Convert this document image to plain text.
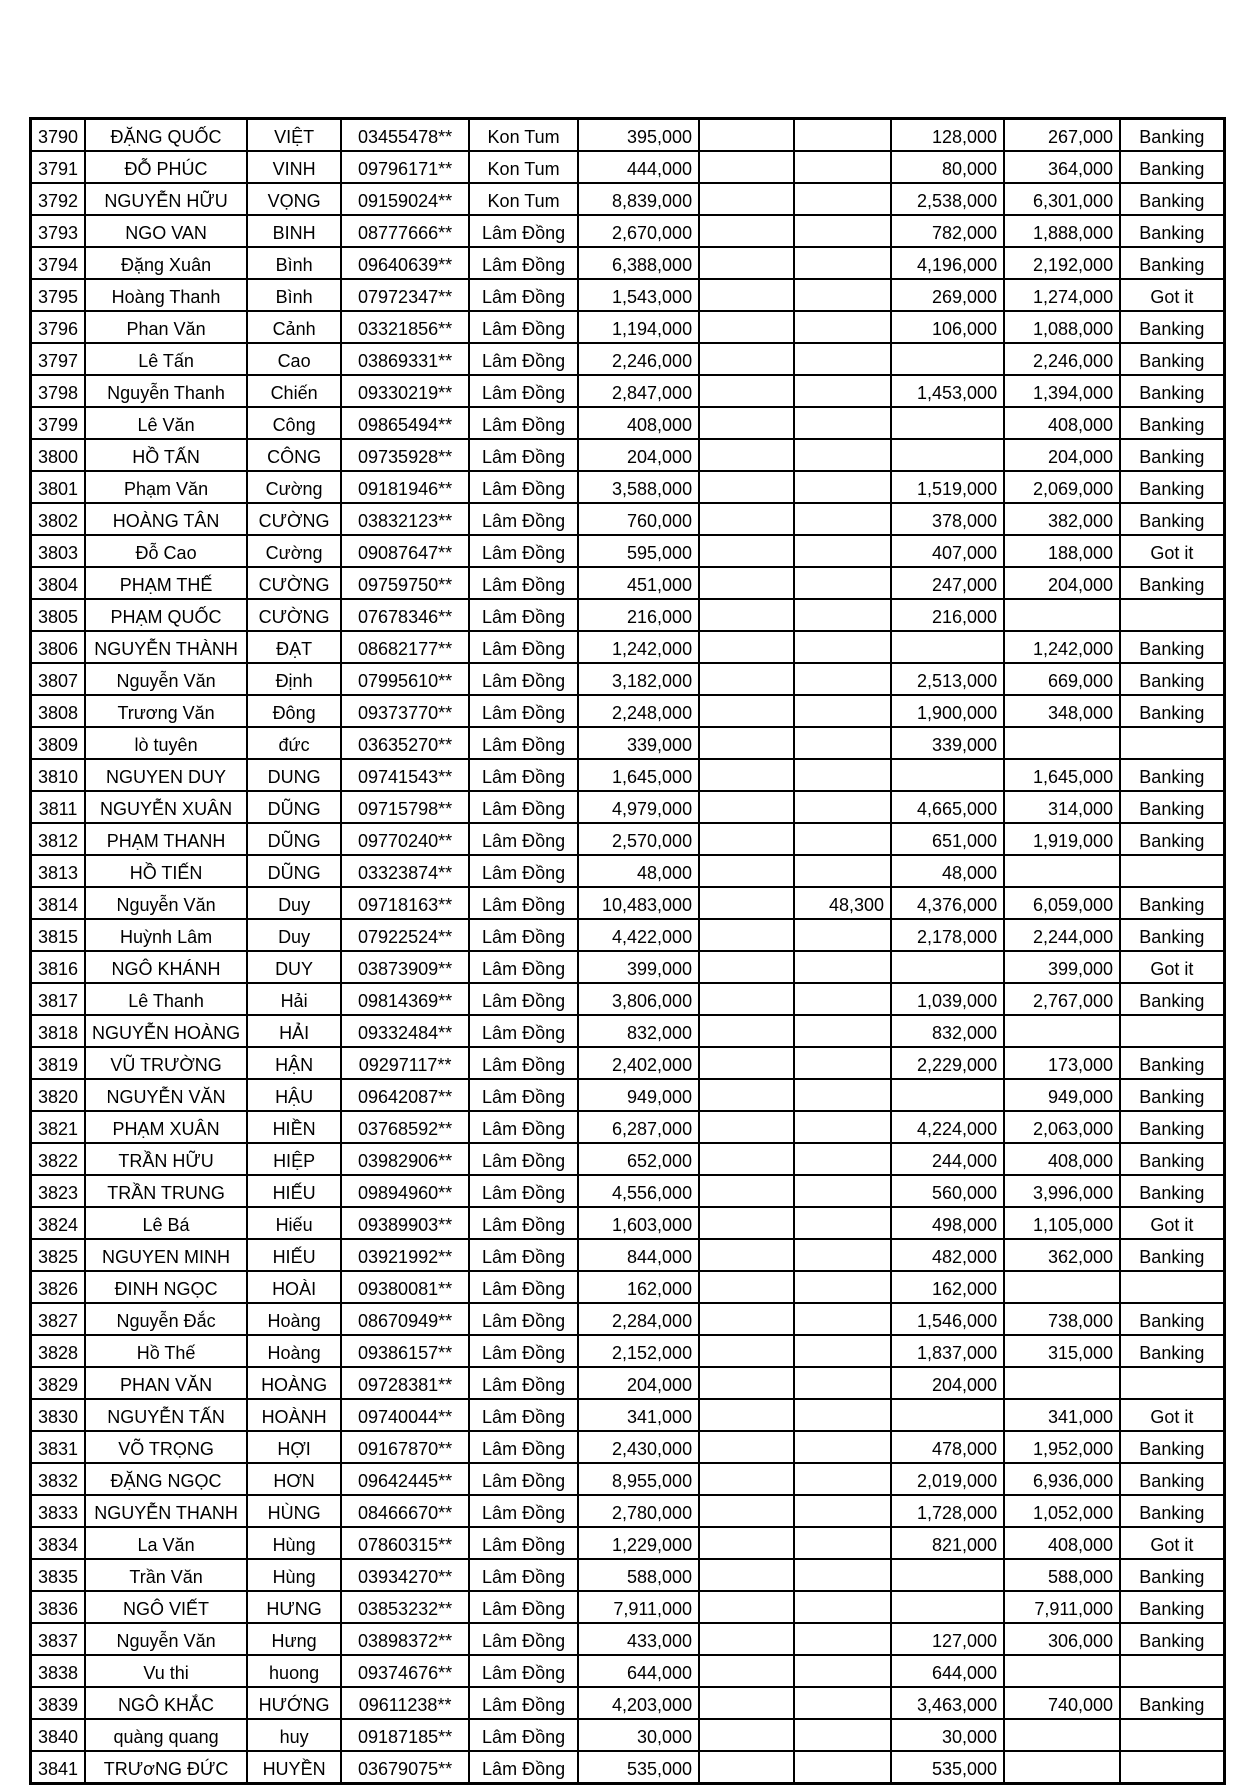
3790	ĐẶNG QUỐC	VIỆT	03455478**	Kon Tum	395,000			128,000	267,000	Banking
3791	ĐỖ PHÚC	VINH	09796171**	Kon Tum	444,000			80,000	364,000	Banking
3792	NGUYỄN HỮU	VỌNG	09159024**	Kon Tum	8,839,000			2,538,000	6,301,000	Banking
3793	NGO VAN	BINH	08777666**	Lâm Đồng	2,670,000			782,000	1,888,000	Banking
3794	Đặng Xuân	Bình	09640639**	Lâm Đồng	6,388,000			4,196,000	2,192,000	Banking
3795	Hoàng Thanh	Bình	07972347**	Lâm Đồng	1,543,000			269,000	1,274,000	Got it
3796	Phan Văn	Cảnh	03321856**	Lâm Đồng	1,194,000			106,000	1,088,000	Banking
3797	Lê Tấn	Cao	03869331**	Lâm Đồng	2,246,000				2,246,000	Banking
3798	Nguyễn Thanh	Chiến	09330219**	Lâm Đồng	2,847,000			1,453,000	1,394,000	Banking
3799	Lê Văn	Công	09865494**	Lâm Đồng	408,000				408,000	Banking
3800	HỒ TẤN	CÔNG	09735928**	Lâm Đồng	204,000				204,000	Banking
3801	Phạm Văn	Cường	09181946**	Lâm Đồng	3,588,000			1,519,000	2,069,000	Banking
3802	HOÀNG TÂN	CƯỜNG	03832123**	Lâm Đồng	760,000			378,000	382,000	Banking
3803	Đỗ Cao	Cường	09087647**	Lâm Đồng	595,000			407,000	188,000	Got it
3804	PHẠM THẾ	CƯỜNG	09759750**	Lâm Đồng	451,000			247,000	204,000	Banking
3805	PHẠM QUỐC	CƯỜNG	07678346**	Lâm Đồng	216,000			216,000		
3806	NGUYỄN THÀNH	ĐẠT	08682177**	Lâm Đồng	1,242,000				1,242,000	Banking
3807	Nguyễn Văn	Định	07995610**	Lâm Đồng	3,182,000			2,513,000	669,000	Banking
3808	Trương Văn	Đông	09373770**	Lâm Đồng	2,248,000			1,900,000	348,000	Banking
3809	lò tuyên	đức	03635270**	Lâm Đồng	339,000			339,000		
3810	NGUYEN DUY	DUNG	09741543**	Lâm Đồng	1,645,000				1,645,000	Banking
3811	NGUYỄN XUÂN	DŨNG	09715798**	Lâm Đồng	4,979,000			4,665,000	314,000	Banking
3812	PHẠM THANH	DŨNG	09770240**	Lâm Đồng	2,570,000			651,000	1,919,000	Banking
3813	HỒ TIẾN	DŨNG	03323874**	Lâm Đồng	48,000			48,000		
3814	Nguyễn Văn	Duy	09718163**	Lâm Đồng	10,483,000		48,300	4,376,000	6,059,000	Banking
3815	Huỳnh Lâm	Duy	07922524**	Lâm Đồng	4,422,000			2,178,000	2,244,000	Banking
3816	NGÔ KHÁNH	DUY	03873909**	Lâm Đồng	399,000				399,000	Got it
3817	Lê Thanh	Hải	09814369**	Lâm Đồng	3,806,000			1,039,000	2,767,000	Banking
3818	NGUYỄN HOÀNG	HẢI	09332484**	Lâm Đồng	832,000			832,000		
3819	VŨ TRƯỜNG	HẬN	09297117**	Lâm Đồng	2,402,000			2,229,000	173,000	Banking
3820	NGUYỄN VĂN	HẬU	09642087**	Lâm Đồng	949,000				949,000	Banking
3821	PHẠM XUÂN	HIỀN	03768592**	Lâm Đồng	6,287,000			4,224,000	2,063,000	Banking
3822	TRẦN HỮU	HIỆP	03982906**	Lâm Đồng	652,000			244,000	408,000	Banking
3823	TRẦN TRUNG	HIẾU	09894960**	Lâm Đồng	4,556,000			560,000	3,996,000	Banking
3824	Lê Bá	Hiếu	09389903**	Lâm Đồng	1,603,000			498,000	1,105,000	Got it
3825	NGUYEN MINH	HIẾU	03921992**	Lâm Đồng	844,000			482,000	362,000	Banking
3826	ĐINH NGỌC	HOÀI	09380081**	Lâm Đồng	162,000			162,000		
3827	Nguyễn Đắc	Hoàng	08670949**	Lâm Đồng	2,284,000			1,546,000	738,000	Banking
3828	Hồ Thế	Hoàng	09386157**	Lâm Đồng	2,152,000			1,837,000	315,000	Banking
3829	PHAN VĂN	HOÀNG	09728381**	Lâm Đồng	204,000			204,000		
3830	NGUYỄN TẤN	HOÀNH	09740044**	Lâm Đồng	341,000				341,000	Got it
3831	VÕ TRỌNG	HỢI	09167870**	Lâm Đồng	2,430,000			478,000	1,952,000	Banking
3832	ĐẶNG NGỌC	HƠN	09642445**	Lâm Đồng	8,955,000			2,019,000	6,936,000	Banking
3833	NGUYỄN THANH	HÙNG	08466670**	Lâm Đồng	2,780,000			1,728,000	1,052,000	Banking
3834	La Văn	Hùng	07860315**	Lâm Đồng	1,229,000			821,000	408,000	Got it
3835	Trần Văn	Hùng	03934270**	Lâm Đồng	588,000				588,000	Banking
3836	NGÔ VIẾT	HƯNG	03853232**	Lâm Đồng	7,911,000				7,911,000	Banking
3837	Nguyễn Văn	Hưng	03898372**	Lâm Đồng	433,000			127,000	306,000	Banking
3838	Vu thi	huong	09374676**	Lâm Đồng	644,000			644,000		
3839	NGÔ KHẮC	HƯỚNG	09611238**	Lâm Đồng	4,203,000			3,463,000	740,000	Banking
3840	quàng quang	huy	09187185**	Lâm Đồng	30,000			30,000		
3841	TRƯơNG ĐỨC	HUYỀN	03679075**	Lâm Đồng	535,000			535,000		
